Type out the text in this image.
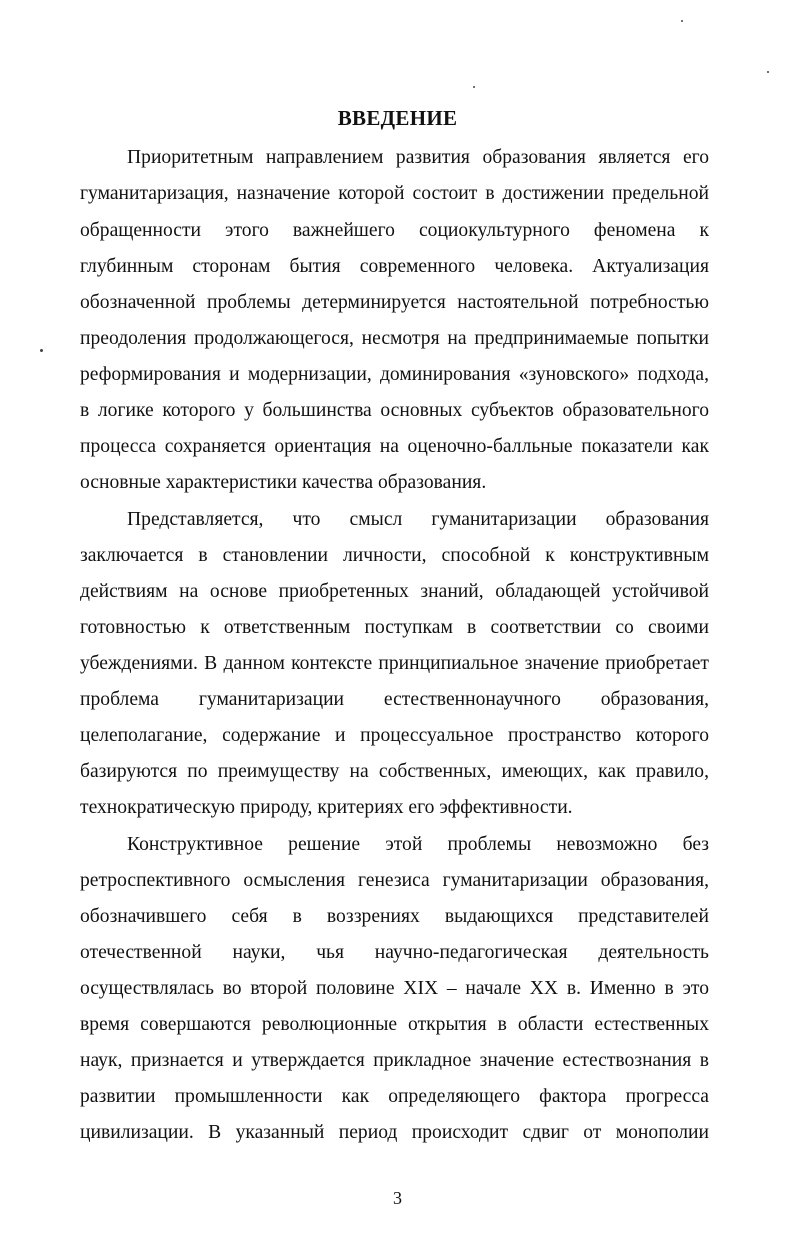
ВВЕДЕНИЕ
Приоритетным направлением развития образования является его
гуманитаризация, назначение которой состоит в достижении предельной
обращенности этого важнейшего социокультурного феномена к
глубинным сторонам бытия современного человека. Актуализация
обозначенной проблемы детерминируется настоятельной потребностью
преодоления продолжающегося, несмотря на предпринимаемые попытки
реформирования и модернизации, доминирования «зуновского» подхода,
в логике которого у большинства основных субъектов образовательного
процесса сохраняется ориентация на оценочно-балльные показатели как
основные характеристики качества образования.
Представляется, что смысл гуманитаризации образования
заключается в становлении личности, способной к конструктивным
действиям на основе приобретенных знаний, обладающей устойчивой
готовностью к ответственным поступкам в соответствии со своими
убеждениями. В данном контексте принципиальное значение приобретает
проблема гуманитаризации естественнонаучного образования,
целеполагание, содержание и процессуальное пространство которого
базируются по преимуществу на собственных, имеющих, как правило,
технократическую природу, критериях его эффективности.
Конструктивное решение этой проблемы невозможно без
ретроспективного осмысления генезиса гуманитаризации образования,
обозначившего себя в воззрениях выдающихся представителей
отечественной науки, чья научно-педагогическая деятельность
осуществлялась во второй половине XIX – начале XX в. Именно в это
время совершаются революционные открытия в области естественных
наук, признается и утверждается прикладное значение естествознания в
развитии промышленности как определяющего фактора прогресса
цивилизации. В указанный период происходит сдвиг от монополии
3
